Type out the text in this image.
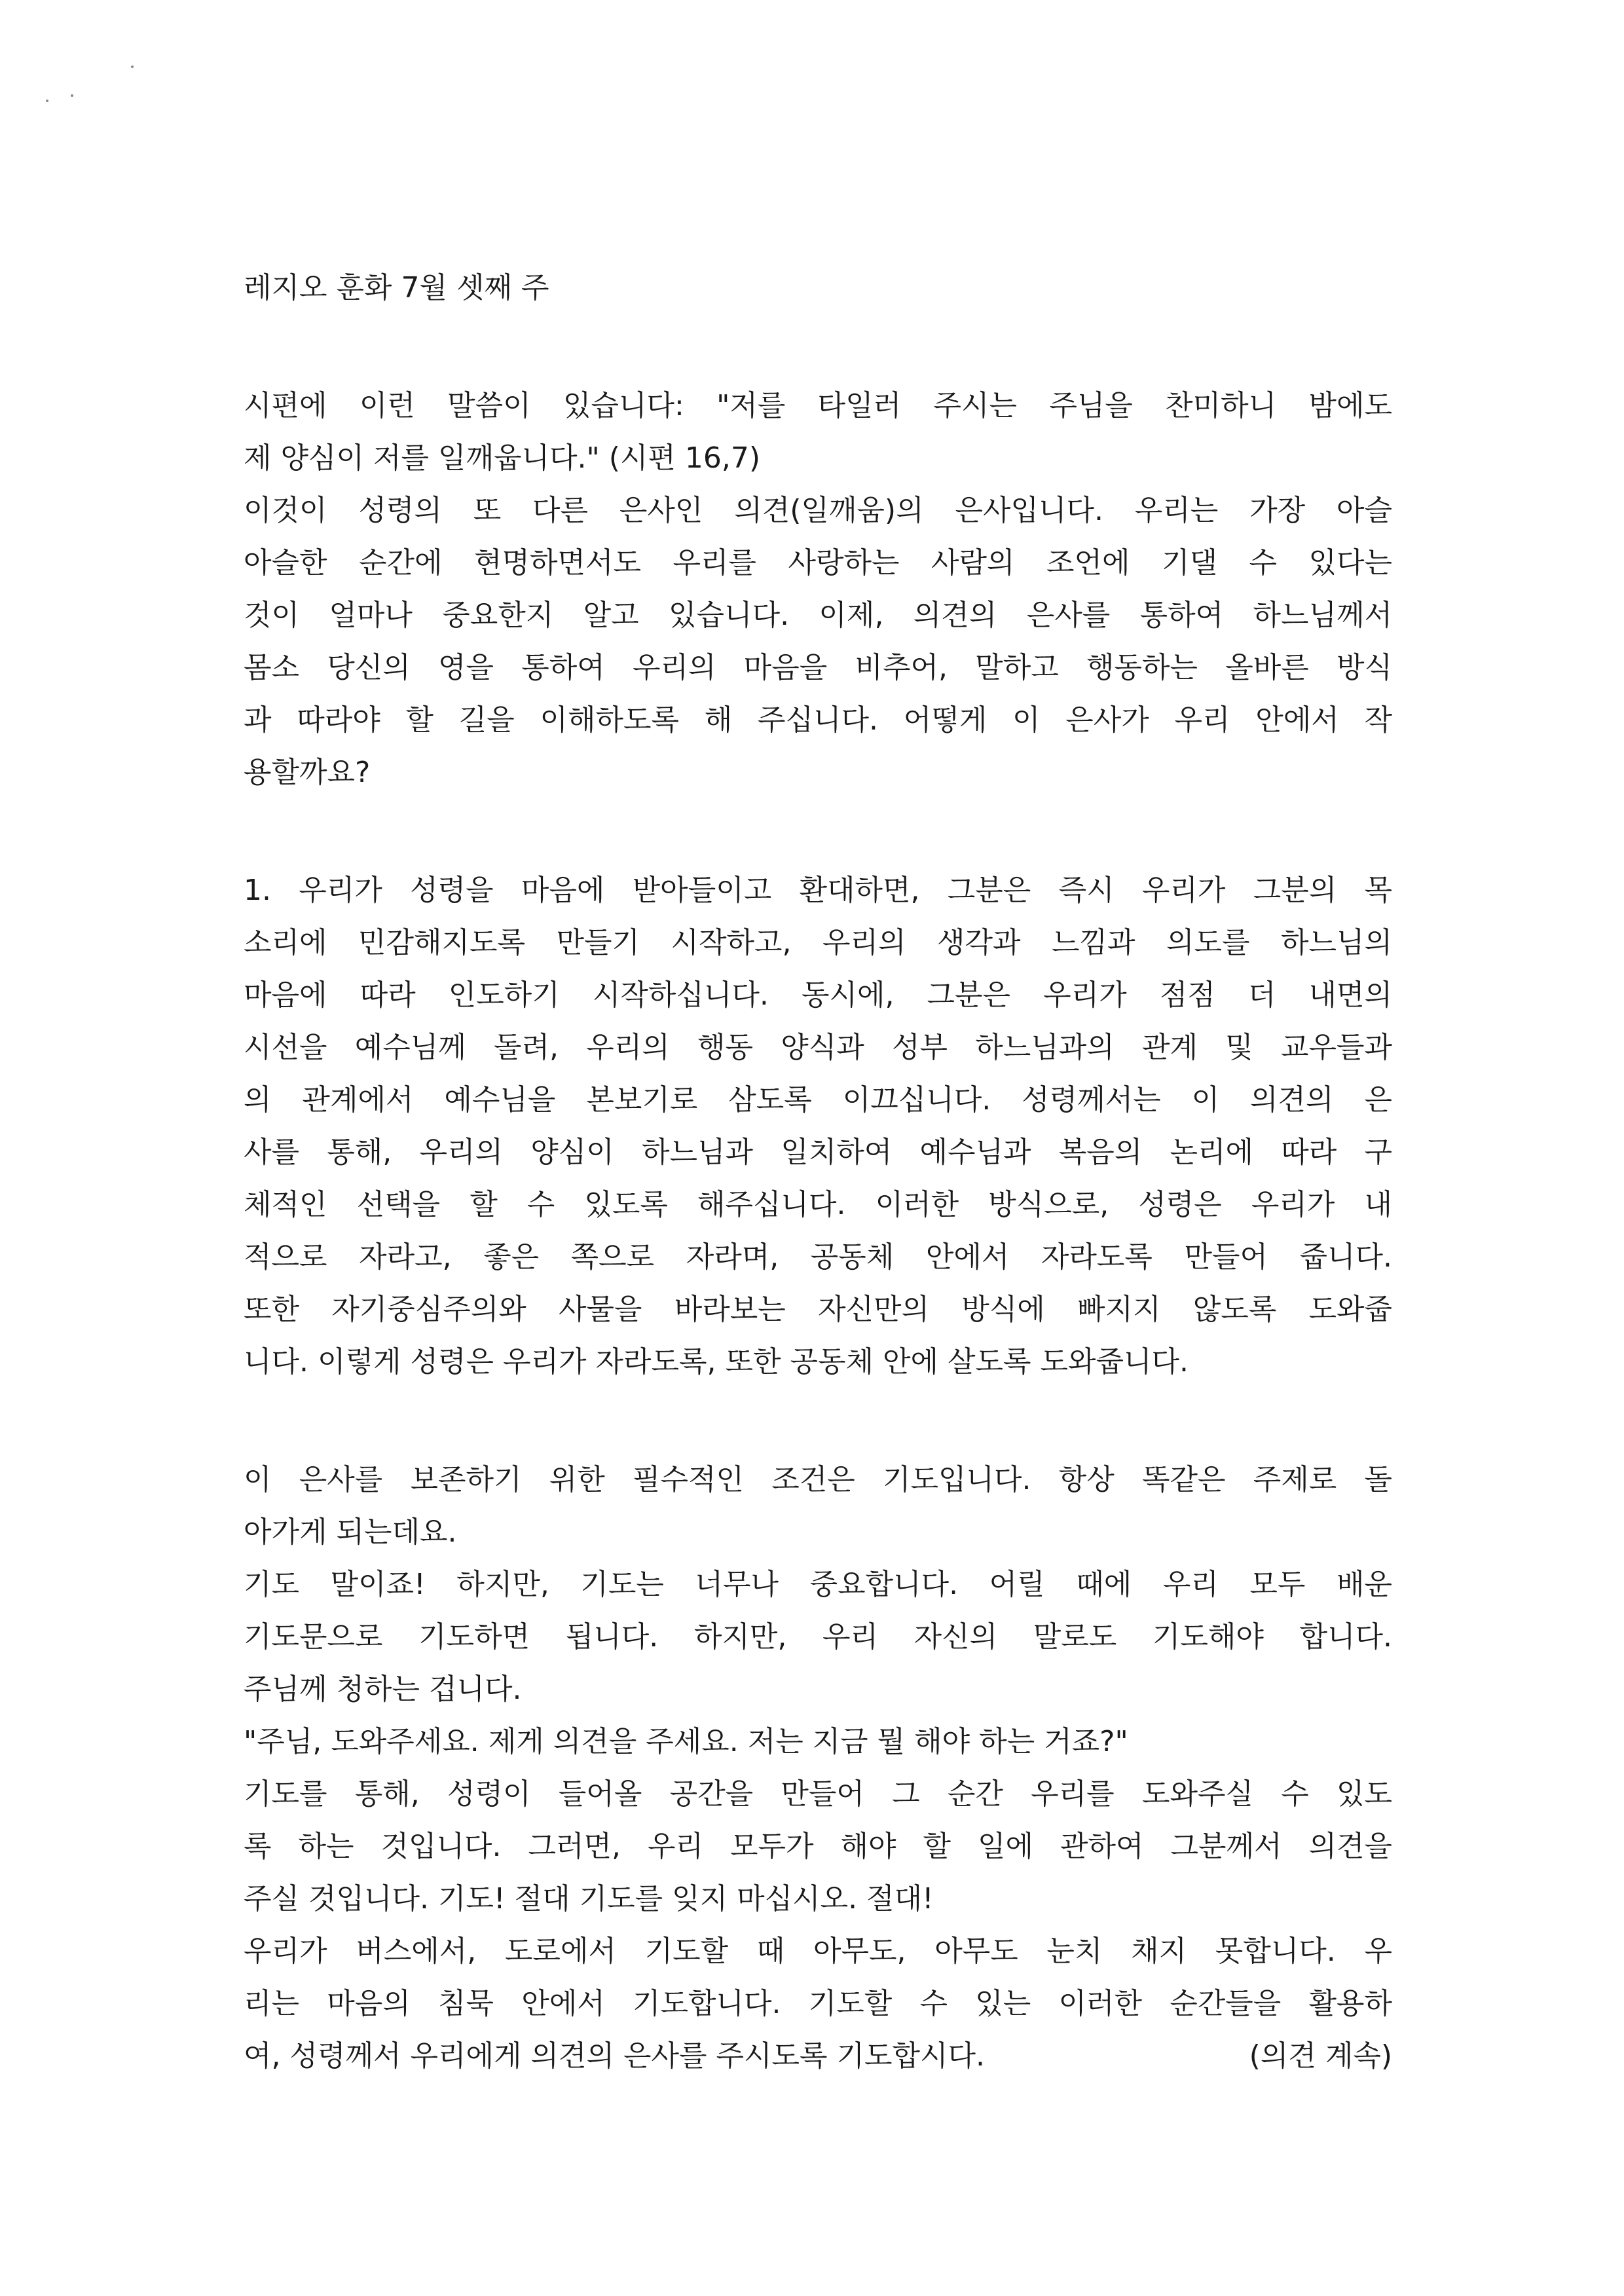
레지오 훈화 7월 셋째 주
시편에 이런 말씀이 있습니다: "저를 타일러 주시는 주님을 찬미하니 밤에도
제 양심이 저를 일깨웁니다." (시편 16,7)
이것이 성령의 또 다른 은사인 의견(일깨움)의 은사입니다. 우리는 가장 아슬
아슬한 순간에 현명하면서도 우리를 사랑하는 사람의 조언에 기댈 수 있다는
것이 얼마나 중요한지 알고 있습니다. 이제, 의견의 은사를 통하여 하느님께서
몸소 당신의 영을 통하여 우리의 마음을 비추어, 말하고 행동하는 올바른 방식
과 따라야 할 길을 이해하도록 해 주십니다. 어떻게 이 은사가 우리 안에서 작
용할까요?
1. 우리가 성령을 마음에 받아들이고 환대하면, 그분은 즉시 우리가 그분의 목
소리에 민감해지도록 만들기 시작하고, 우리의 생각과 느낌과 의도를 하느님의
마음에 따라 인도하기 시작하십니다. 동시에, 그분은 우리가 점점 더 내면의
시선을 예수님께 돌려, 우리의 행동 양식과 성부 하느님과의 관계 및 교우들과
의 관계에서 예수님을 본보기로 삼도록 이끄십니다. 성령께서는 이 의견의 은
사를 통해, 우리의 양심이 하느님과 일치하여 예수님과 복음의 논리에 따라 구
체적인 선택을 할 수 있도록 해주십니다. 이러한 방식으로, 성령은 우리가 내
적으로 자라고, 좋은 쪽으로 자라며, 공동체 안에서 자라도록 만들어 줍니다.
또한 자기중심주의와 사물을 바라보는 자신만의 방식에 빠지지 않도록 도와줍
니다. 이렇게 성령은 우리가 자라도록, 또한 공동체 안에 살도록 도와줍니다.
이 은사를 보존하기 위한 필수적인 조건은 기도입니다. 항상 똑같은 주제로 돌
아가게 되는데요.
기도 말이죠! 하지만, 기도는 너무나 중요합니다. 어릴 때에 우리 모두 배운
기도문으로 기도하면 됩니다. 하지만, 우리 자신의 말로도 기도해야 합니다.
주님께 청하는 겁니다.
"주님, 도와주세요. 제게 의견을 주세요. 저는 지금 뭘 해야 하는 거죠?"
기도를 통해, 성령이 들어올 공간을 만들어 그 순간 우리를 도와주실 수 있도
록 하는 것입니다. 그러면, 우리 모두가 해야 할 일에 관하여 그분께서 의견을
주실 것입니다. 기도! 절대 기도를 잊지 마십시오. 절대!
우리가 버스에서, 도로에서 기도할 때 아무도, 아무도 눈치 채지 못합니다. 우
리는 마음의 침묵 안에서 기도합니다. 기도할 수 있는 이러한 순간들을 활용하
여, 성령께서 우리에게 의견의 은사를 주시도록 기도합시다.	(의견 계속)
